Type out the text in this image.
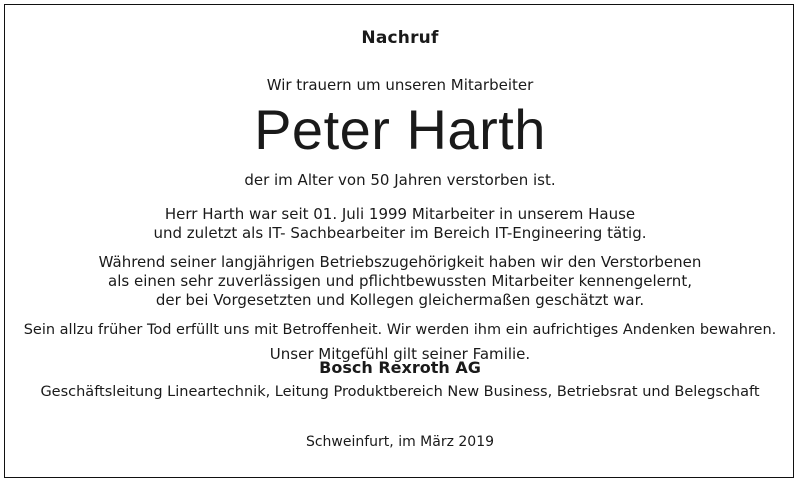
Nachruf
Wir trauern um unseren Mitarbeiter
Peter Harth
der im Alter von 50 Jahren verstorben ist.
Herr Harth war seit 01. Juli 1999 Mitarbeiter in unserem Hause
und zuletzt als IT- Sachbearbeiter im Bereich IT-Engineering tätig.
Während seiner langjährigen Betriebszugehörigkeit haben wir den Verstorbenen
als einen sehr zuverlässigen und pflichtbewussten Mitarbeiter kennengelernt,
der bei Vorgesetzten und Kollegen gleichermaßen geschätzt war.
Sein allzu früher Tod erfüllt uns mit Betroffenheit. Wir werden ihm ein aufrichtiges Andenken bewahren.
Unser Mitgefühl gilt seiner Familie.
Bosch Rexroth AG
Geschäftsleitung Lineartechnik, Leitung Produktbereich New Business, Betriebsrat und Belegschaft
Schweinfurt, im März 2019
